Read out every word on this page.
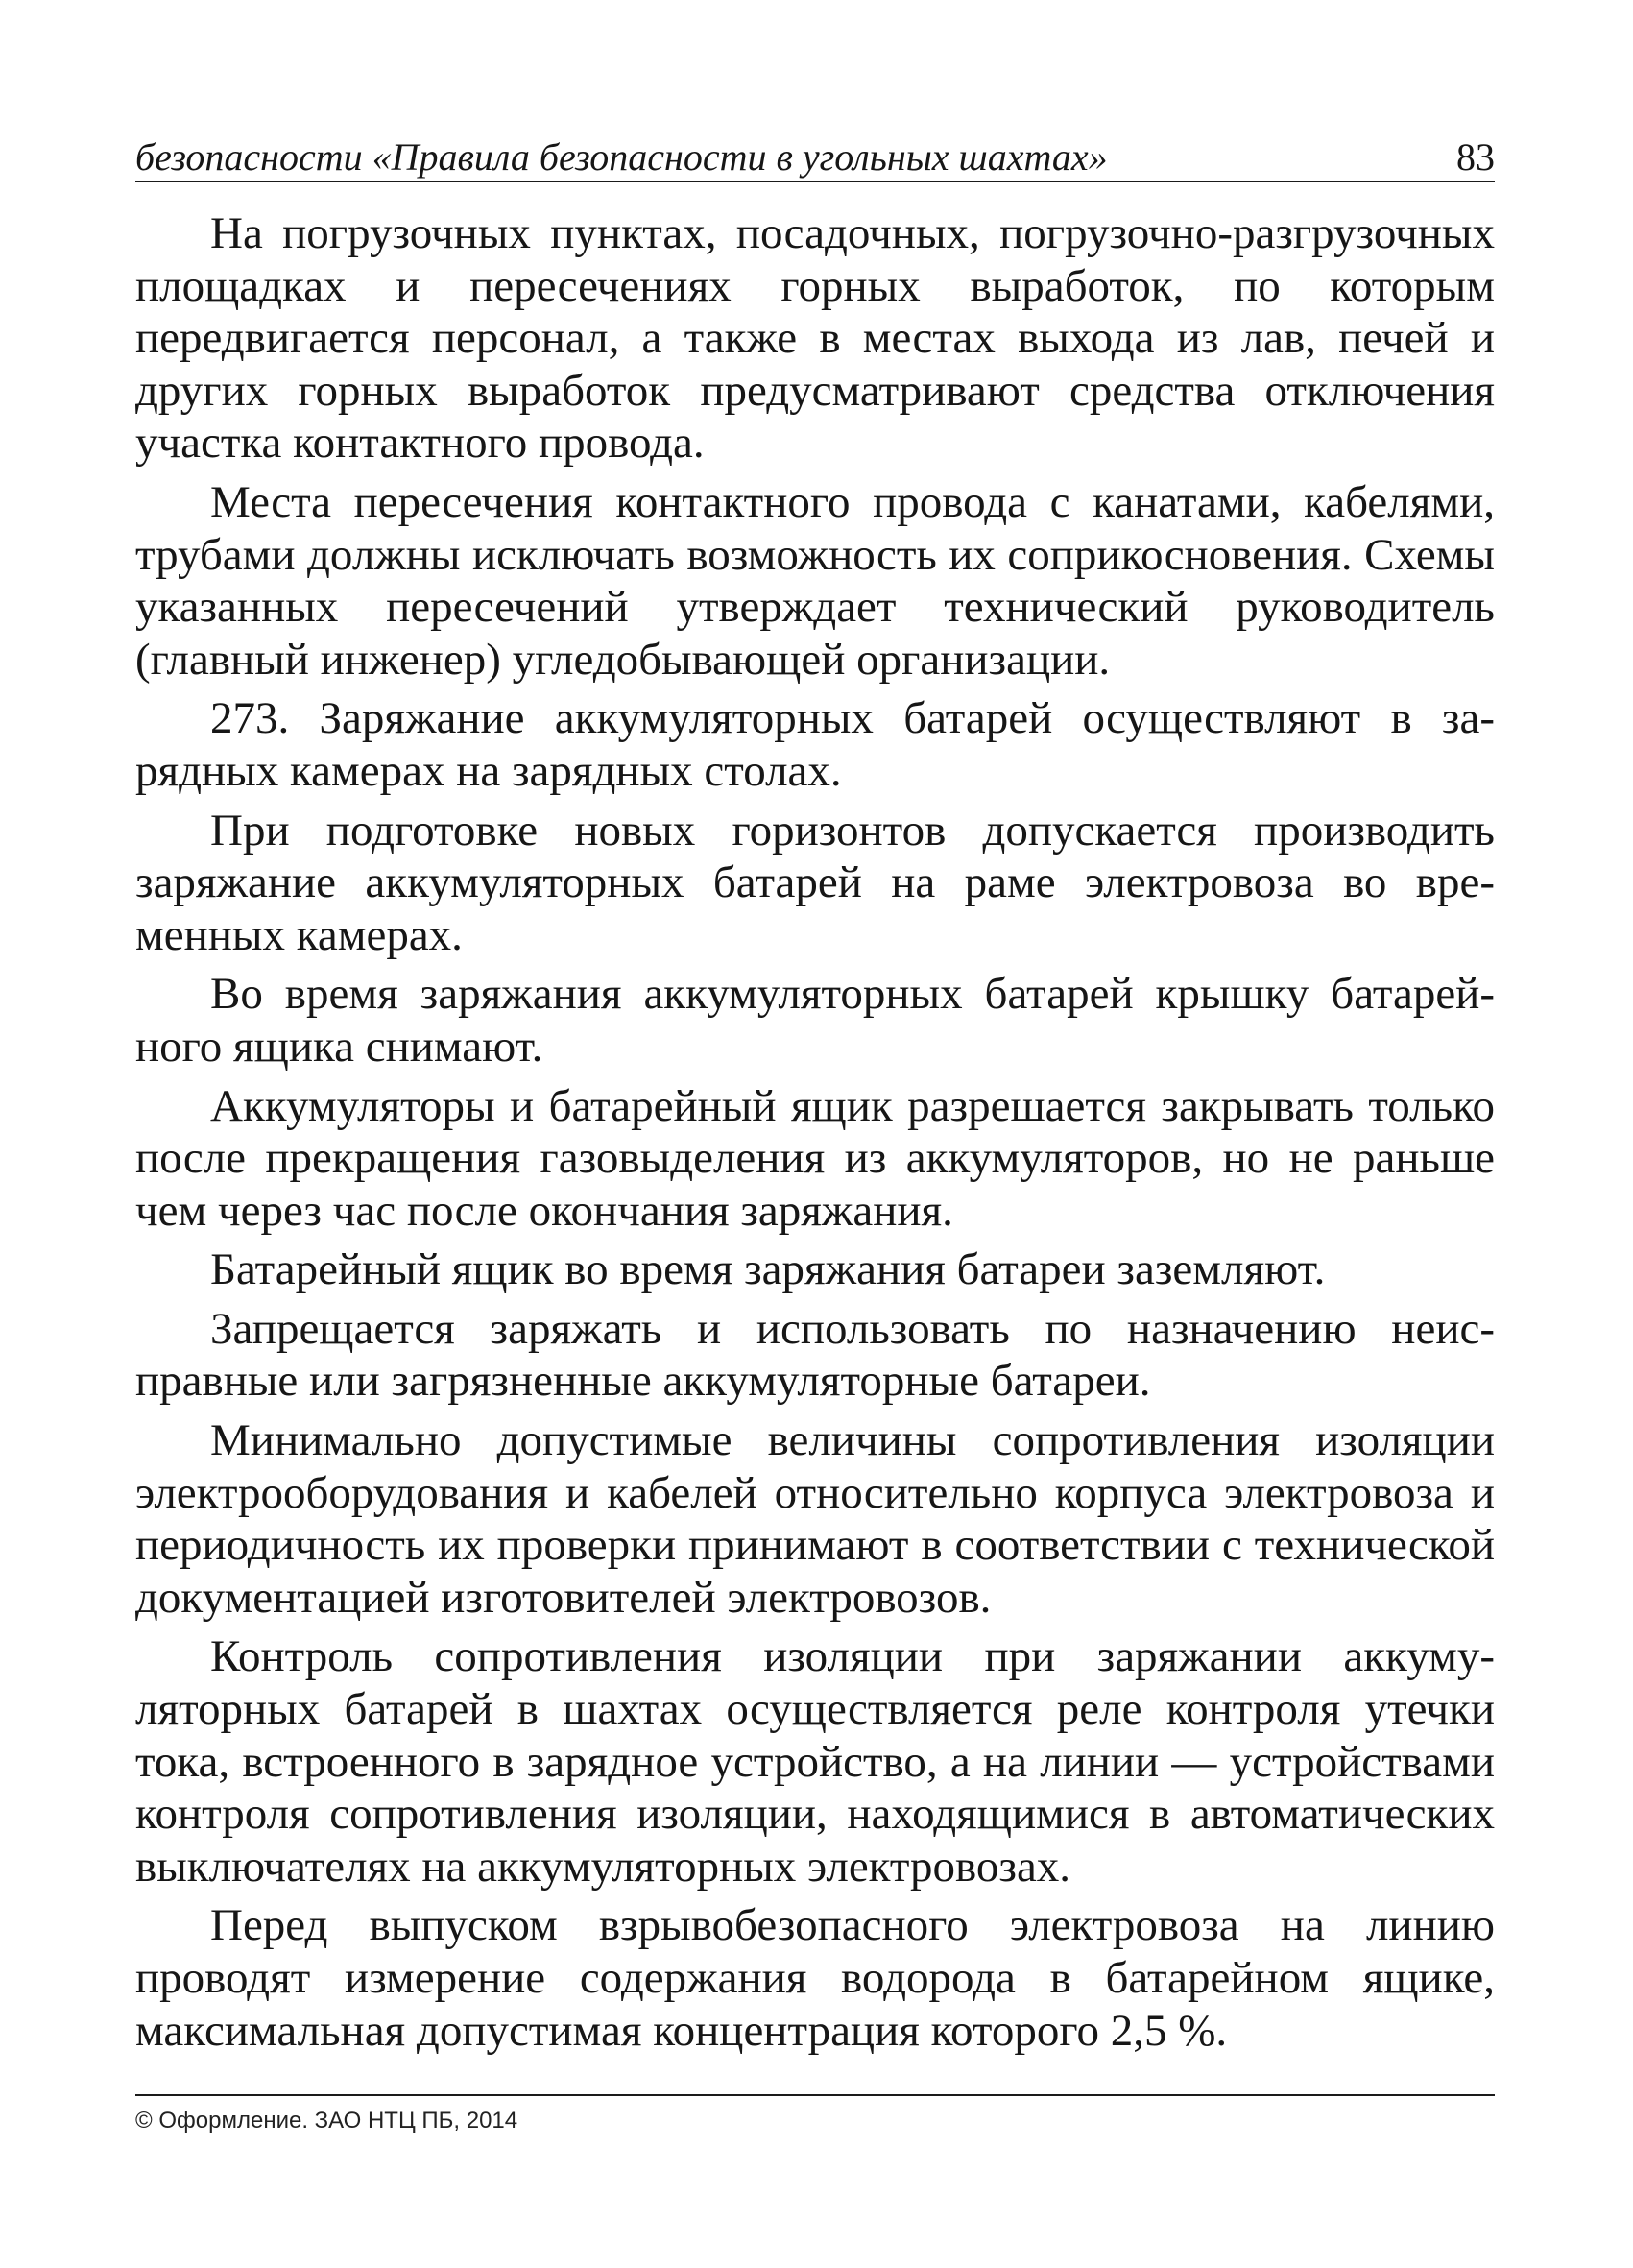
безопасности «Правила безопасности в угольных шахтах»	83

На погрузочных пунктах, посадочных, погрузочно-разгрузочных площадках и пересечениях горных выработок, по которым передвигается персонал, а также в местах выхода из лав, печей и других горных выработок предусматривают средства отключения участка контактного провода.

Места пересечения контактного провода с канатами, кабелями, трубами должны исключать возможность их соприкосновения. Схемы указанных пересечений утверждает технический руководитель (главный инженер) угледобывающей организации.

273. Заряжание аккумуляторных батарей осуществляют в зарядных камерах на зарядных столах.

При подготовке новых горизонтов допускается производить заряжание аккумуляторных батарей на раме электровоза во временных камерах.

Во время заряжания аккумуляторных батарей крышку батарейного ящика снимают.

Аккумуляторы и батарейный ящик разрешается закрывать только после прекращения газовыделения из аккумуляторов, но не раньше чем через час после окончания заряжания.

Батарейный ящик во время заряжания батареи заземляют.

Запрещается заряжать и использовать по назначению неисправные или загрязненные аккумуляторные батареи.

Минимально допустимые величины сопротивления изоляции электрооборудования и кабелей относительно корпуса электровоза и периодичность их проверки принимают в соответствии с технической документацией изготовителей электровозов.

Контроль сопротивления изоляции при заряжании аккумуляторных батарей в шахтах осуществляется реле контроля утечки тока, встроенного в зарядное устройство, а на линии — устройствами контроля сопротивления изоляции, находящимися в автоматических выключателях на аккумуляторных электровозах.

Перед выпуском взрывобезопасного электровоза на линию проводят измерение содержания водорода в батарейном ящике, максимальная допустимая концентрация которого 2,5 %.

© Оформление. ЗАО НТЦ ПБ, 2014
